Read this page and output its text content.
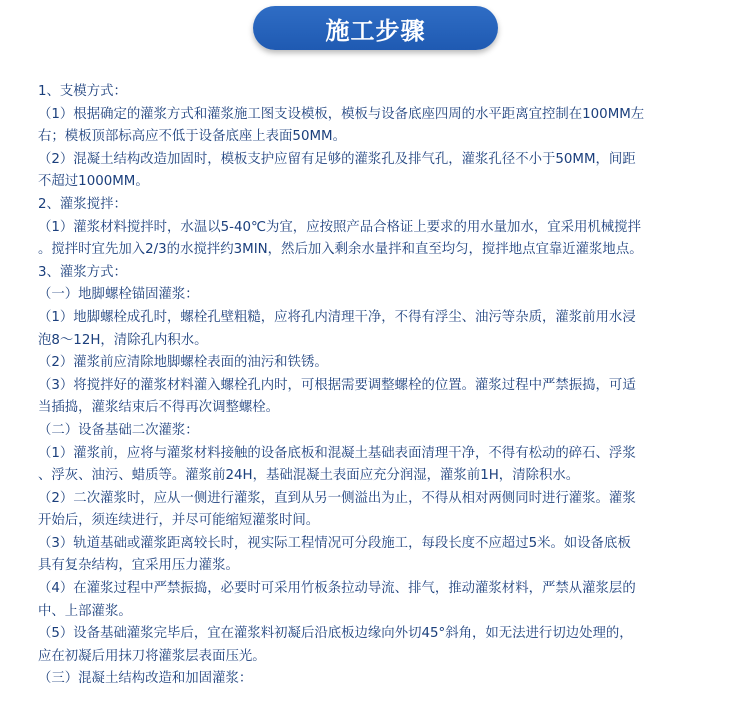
施工步骤

1、支模方式：

（1）根据确定的灌浆方式和灌浆施工图支设模板，模板与设备底座四周的水平距离宜控制在100MM左

右；模板顶部标高应不低于设备底座上表面50MM。

（2）混凝土结构改造加固时，模板支护应留有足够的灌浆孔及排气孔，灌浆孔径不小于50MM，间距

不超过1000MM。

2、灌浆搅拌：

（1）灌浆材料搅拌时，水温以5-40℃为宜，应按照产品合格证上要求的用水量加水，宜采用机械搅拌

。搅拌时宜先加入2/3的水搅拌约3MIN，然后加入剩余水量拌和直至均匀，搅拌地点宜靠近灌浆地点。

3、灌浆方式：

（一）地脚螺栓锚固灌浆：

（1）地脚螺栓成孔时，螺栓孔壁粗糙，应将孔内清理干净，不得有浮尘、油污等杂质，灌浆前用水浸

泡8～12H，清除孔内积水。

（2）灌浆前应清除地脚螺栓表面的油污和铁锈。

（3）将搅拌好的灌浆材料灌入螺栓孔内时，可根据需要调整螺栓的位置。灌浆过程中严禁振捣，可适

当插捣，灌浆结束后不得再次调整螺栓。

（二）设备基础二次灌浆：

（1）灌浆前，应将与灌浆材料接触的设备底板和混凝土基础表面清理干净，不得有松动的碎石、浮浆

、浮灰、油污、蜡质等。灌浆前24H，基础混凝土表面应充分润湿，灌浆前1H，清除积水。

（2）二次灌浆时，应从一侧进行灌浆，直到从另一侧溢出为止，不得从相对两侧同时进行灌浆。灌浆

开始后，须连续进行，并尽可能缩短灌浆时间。

（3）轨道基础或灌浆距离较长时，视实际工程情况可分段施工，每段长度不应超过5米。如设备底板

具有复杂结构，宜采用压力灌浆。

（4）在灌浆过程中严禁振捣，必要时可采用竹板条拉动导流、排气，推动灌浆材料，严禁从灌浆层的

中、上部灌浆。

（5）设备基础灌浆完毕后，宜在灌浆料初凝后沿底板边缘向外切45°斜角，如无法进行切边处理的，

应在初凝后用抹刀将灌浆层表面压光。

（三）混凝土结构改造和加固灌浆：
